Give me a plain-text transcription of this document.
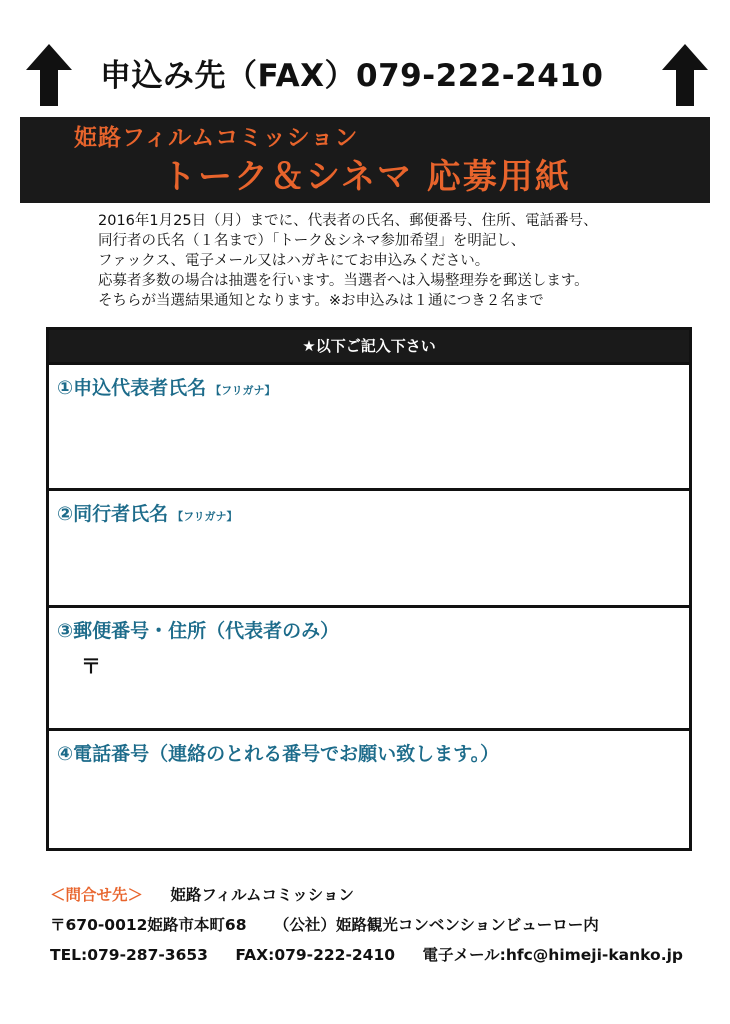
申込み先（FAX）079-222-2410
姫路フィルムコミッション
トーク＆シネマ 応募用紙
2016年1月25日（月）までに、代表者の氏名、郵便番号、住所、電話番号、
同行者の氏名（１名まで）「トーク＆シネマ参加希望」を明記し、
ファックス、電子メール又はハガキにてお申込みください。
応募者多数の場合は抽選を行います。当選者へは入場整理券を郵送します。
そちらが当選結果通知となります。※お申込みは１通につき２名まで
★以下ご記入下さい
①申込代表者氏名 【フリガナ】
②同行者氏名 【フリガナ】
③郵便番号・住所（代表者のみ）
〒
④電話番号（連絡のとれる番号でお願い致します。）
＜問合せ先＞ 姫路フィルムコミッション
〒670-0012姫路市本町68 （公社）姫路観光コンベンションビューロー内
TEL:079-287-3653 FAX:079-222-2410 電子メール:hfc@himeji-kanko.jp
